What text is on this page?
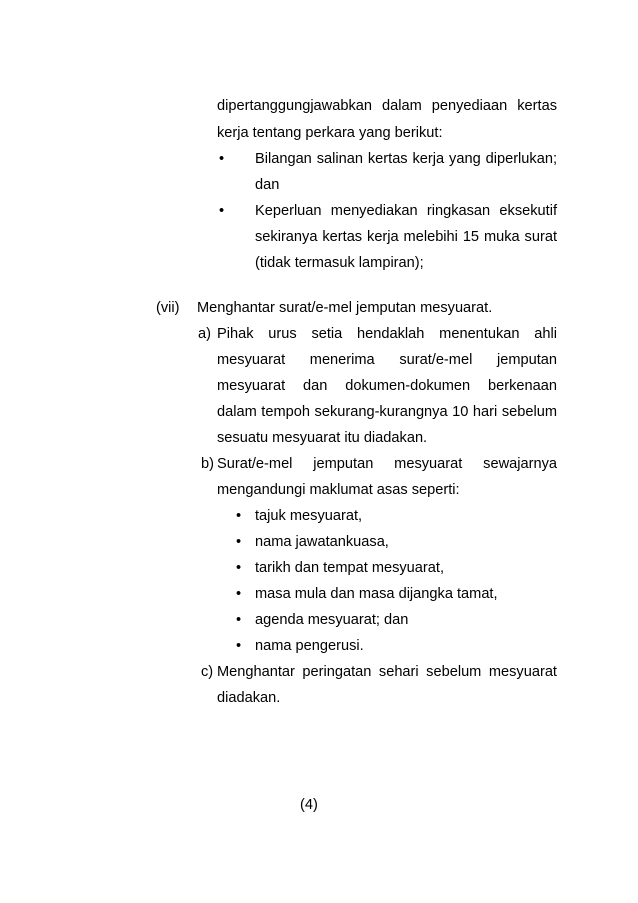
dipertanggungjawabkan dalam penyediaan kertas
kerja tentang perkara yang berikut:
• Bilangan salinan kertas kerja yang diperlukan;
dan
• Keperluan menyediakan ringkasan eksekutif
sekiranya kertas kerja melebihi 15 muka surat
(tidak termasuk lampiran);
(vii) Menghantar surat/e-mel jemputan mesyuarat.
a) Pihak urus setia hendaklah menentukan ahli
mesyuarat menerima surat/e-mel jemputan
mesyuarat dan dokumen-dokumen berkenaan
dalam tempoh sekurang-kurangnya 10 hari sebelum
sesuatu mesyuarat itu diadakan.
b) Surat/e-mel jemputan mesyuarat sewajarnya
mengandungi maklumat asas seperti:
• tajuk mesyuarat,
• nama jawatankuasa,
• tarikh dan tempat mesyuarat,
• masa mula dan masa dijangka tamat,
• agenda mesyuarat; dan
• nama pengerusi.
c) Menghantar peringatan sehari sebelum mesyuarat
diadakan.
(4)
